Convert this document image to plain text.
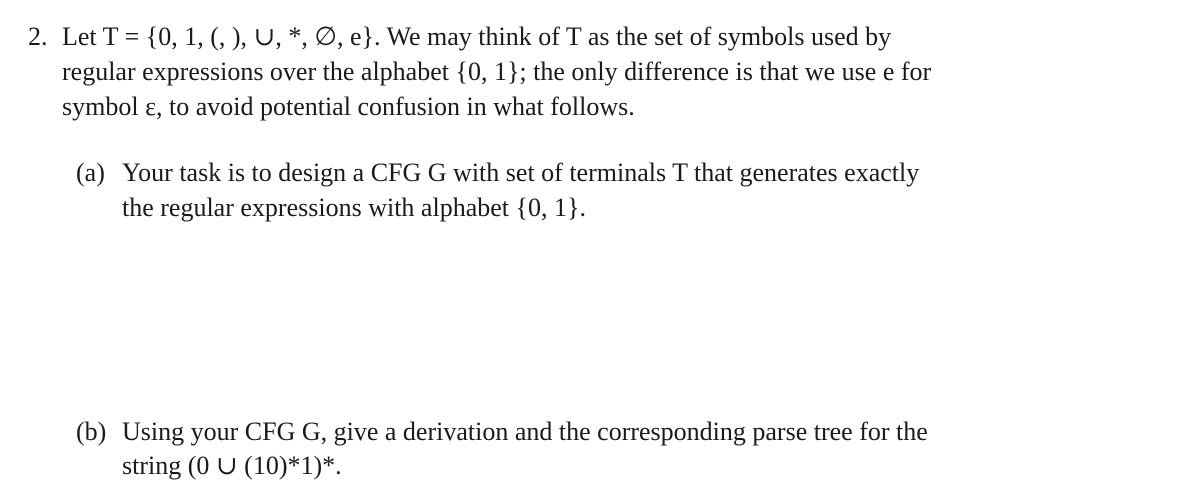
2. Let T = {0, 1, (, ), ∪, *, ∅, e}. We may think of T as the set of symbols used by
regular expressions over the alphabet {0, 1}; the only difference is that we use e for
symbol ε, to avoid potential confusion in what follows.
(a) Your task is to design a CFG G with set of terminals T that generates exactly
the regular expressions with alphabet {0, 1}.
(b) Using your CFG G, give a derivation and the corresponding parse tree for the
string (0 ∪ (10)*1)*.
